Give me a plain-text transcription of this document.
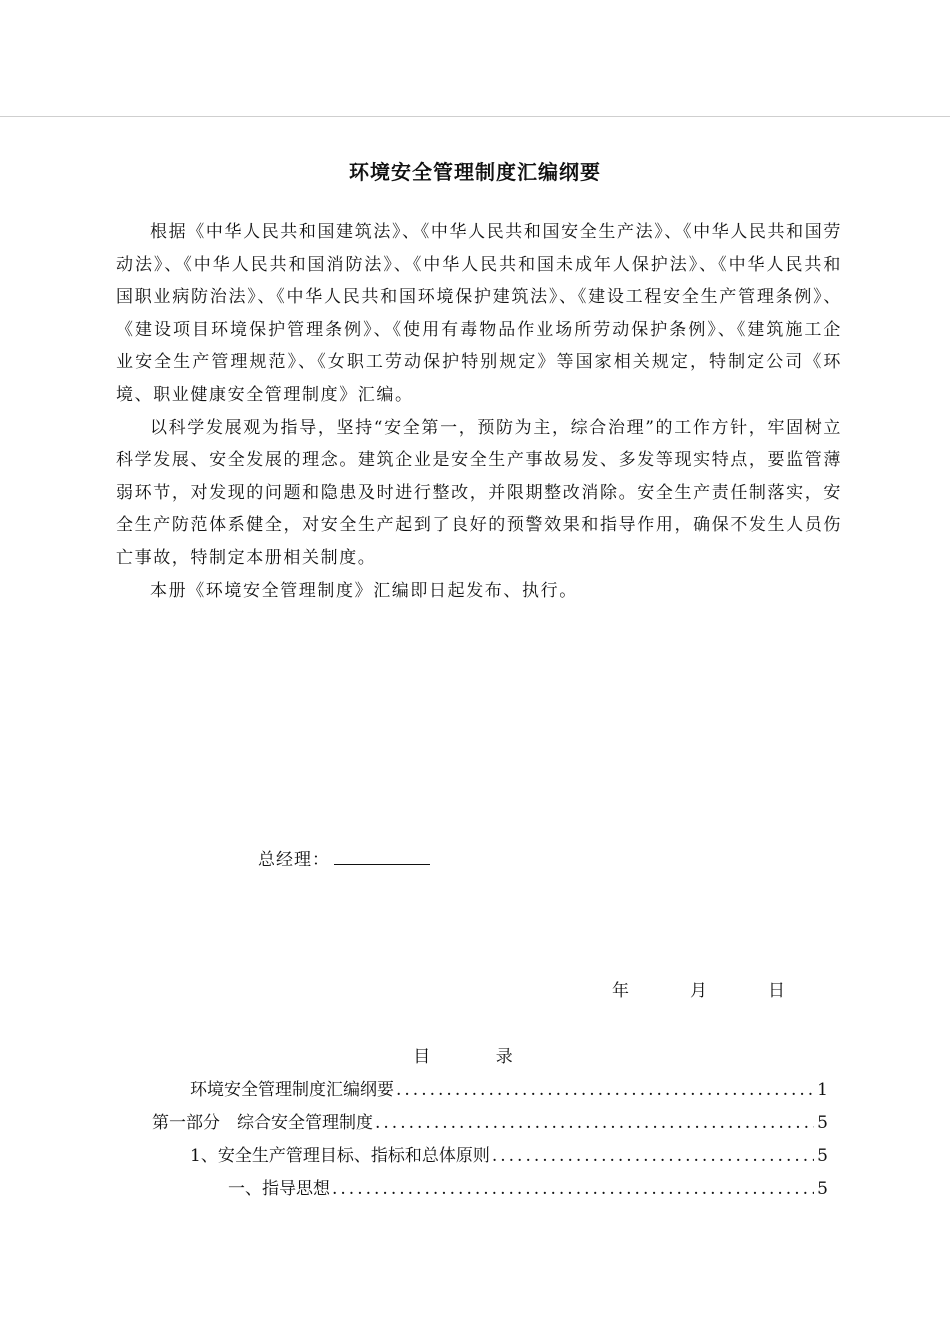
环境安全管理制度汇编纲要

根据《中华人民共和国建筑法》、《中华人民共和国安全生产法》、《中华人民共和国劳动法》、《中华人民共和国消防法》、《中华人民共和国未成年人保护法》、《中华人民共和国职业病防治法》、《中华人民共和国环境保护建筑法》、《建设工程安全生产管理条例》、《建设项目环境保护管理条例》、《使用有毒物品作业场所劳动保护条例》、《建筑施工企业安全生产管理规范》、《女职工劳动保护特别规定》等国家相关规定，特制定公司《环境、职业健康安全管理制度》汇编。

以科学发展观为指导，坚持“安全第一，预防为主，综合治理”的工作方针，牢固树立科学发展、安全发展的理念。建筑企业是安全生产事故易发、多发等现实特点，要监管薄弱环节，对发现的问题和隐患及时进行整改，并限期整改消除。安全生产责任制落实，安全生产防范体系健全，对安全生产起到了良好的预警效果和指导作用，确保不发生人员伤亡事故，特制定本册相关制度。

本册《环境安全管理制度》汇编即日起发布、执行。

总经理：
年	月	日
目 录
环境安全管理制度汇编纲要 .....	1
第一部分　综合安全管理制度 .....	5
1、安全生产管理目标、指标和总体原则 .....	5
一、指导思想 .....	5
